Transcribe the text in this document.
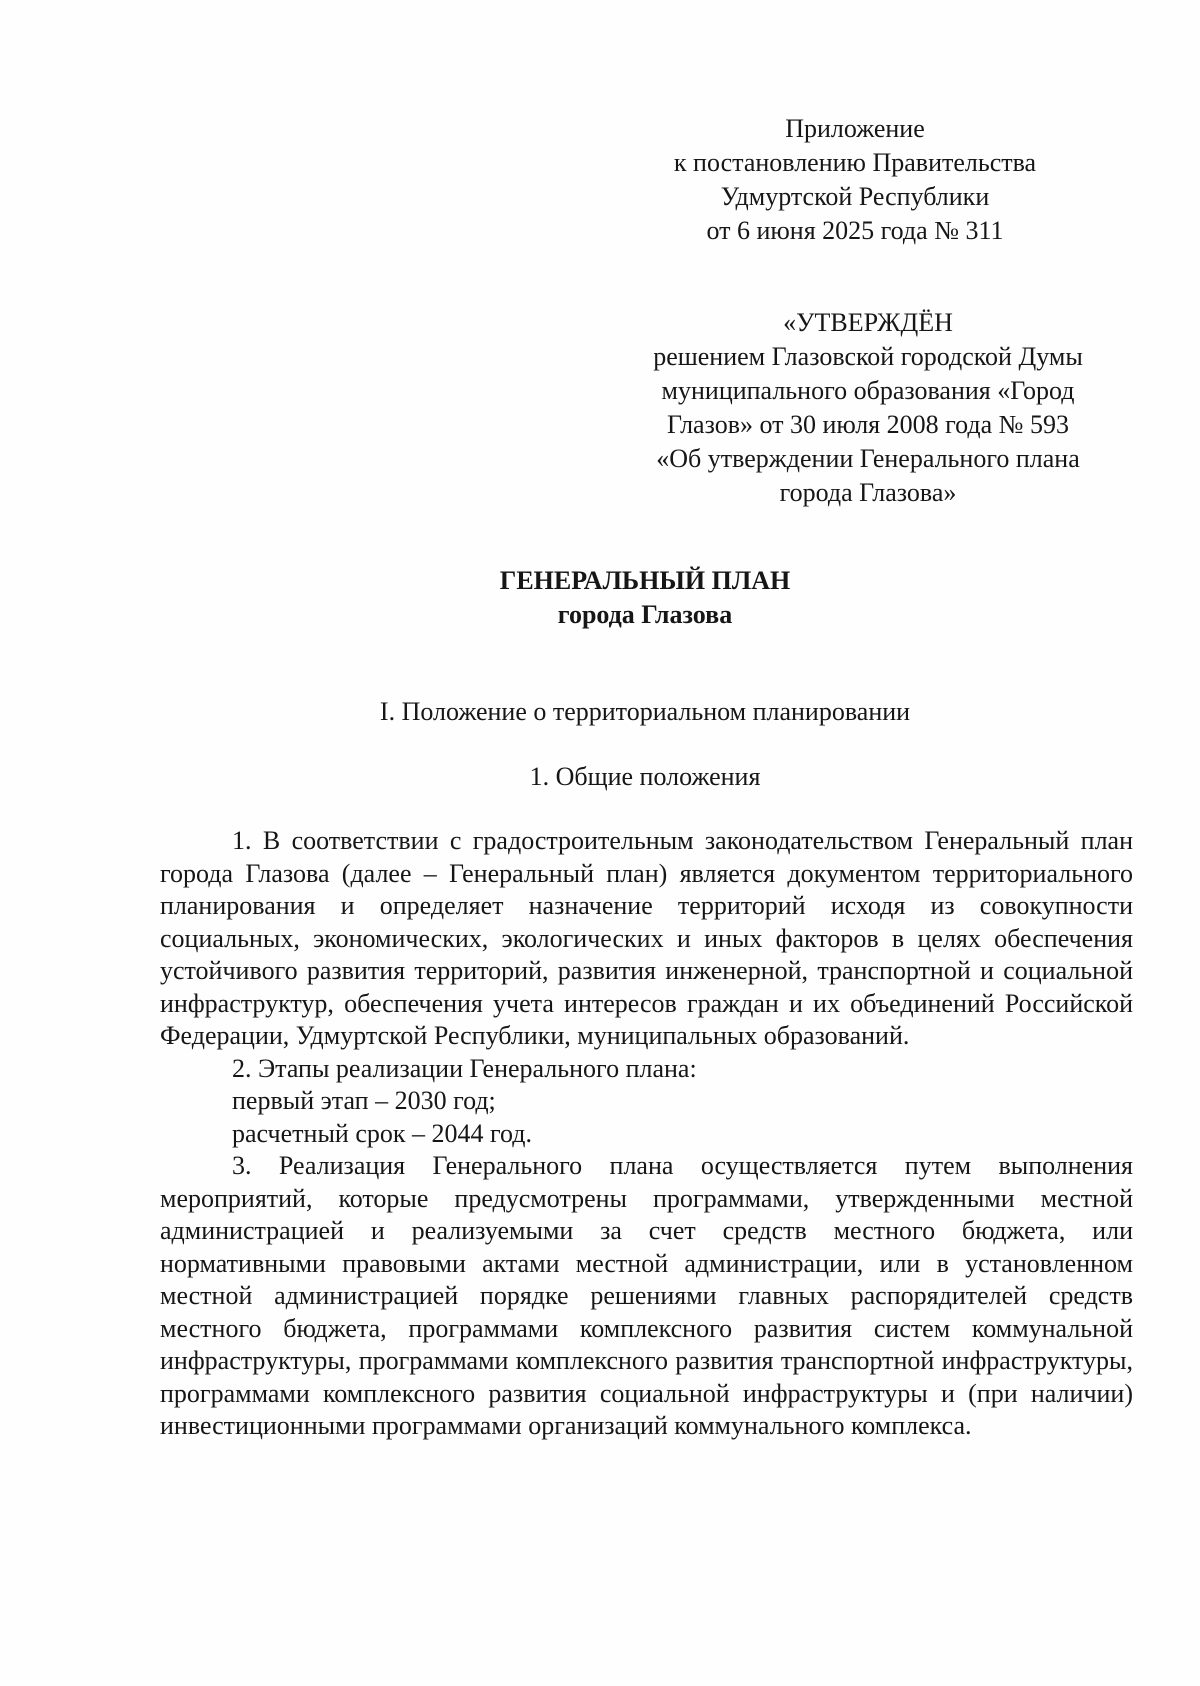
Приложение
к постановлению Правительства
Удмуртской Республики
от 6 июня 2025 года № 311
«УТВЕРЖДЁН
решением Глазовской городской Думы
муниципального образования «Город
Глазов» от 30 июля 2008 года № 593
«Об утверждении Генерального плана
города Глазова»
ГЕНЕРАЛЬНЫЙ ПЛАН
города Глазова
I. Положение о территориальном планировании
1. Общие положения

1. В соответствии с градостроительным законодательством Генеральный план города Глазова (далее – Генеральный план) является документом территориального планирования и определяет назначение территорий исходя из совокупности социальных, экономических, экологических и иных факторов в целях обеспечения устойчивого развития территорий, развития инженерной, транспортной и социальной инфраструктур, обеспечения учета интересов граждан и их объединений Российской Федерации, Удмуртской Республики, муниципальных образований.

2. Этапы реализации Генерального плана:

первый этап – 2030 год;

расчетный срок – 2044 год.

3. Реализация Генерального плана осуществляется путем выполнения мероприятий, которые предусмотрены программами, утвержденными местной администрацией и реализуемыми за счет средств местного бюджета, или нормативными правовыми актами местной администрации, или в установленном местной администрацией порядке решениями главных распорядителей средств местного бюджета, программами комплексного развития систем коммунальной инфраструктуры, программами комплексного развития транспортной инфраструктуры, программами комплексного развития социальной инфраструктуры и (при наличии) инвестиционными программами организаций коммунального комплекса.
